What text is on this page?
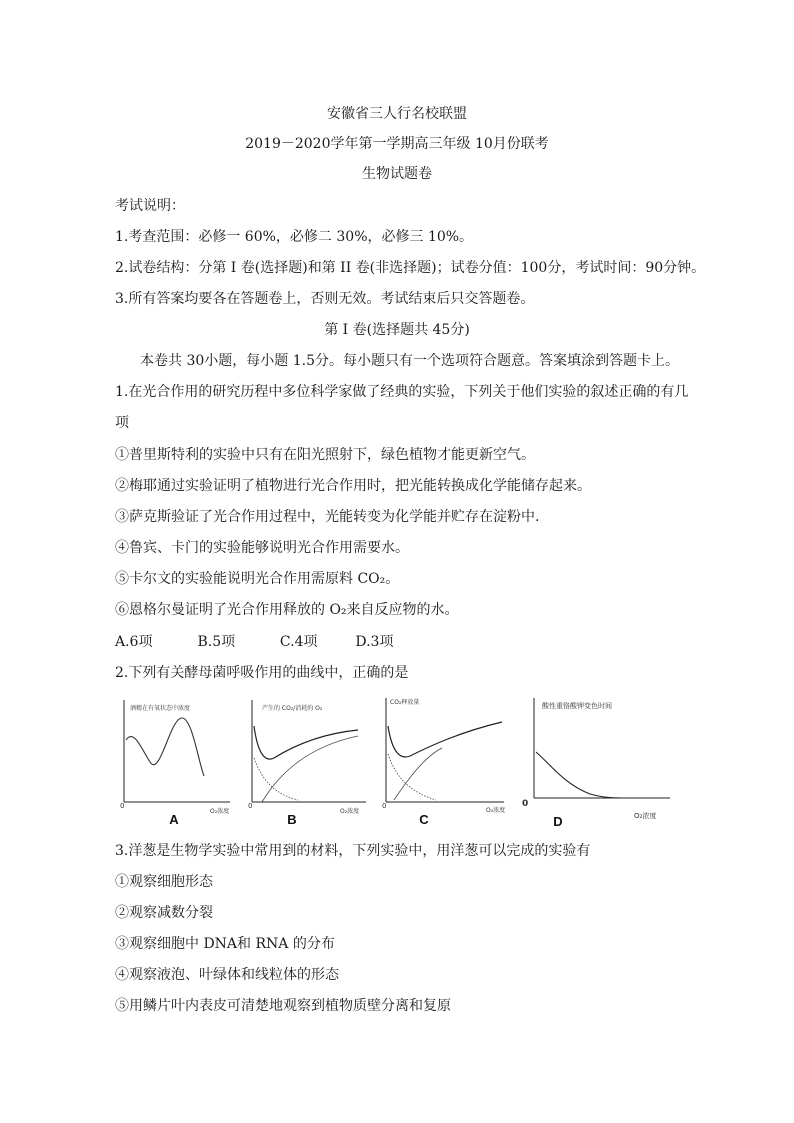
安徽省三人行名校联盟
2019－2020学年第一学期高三年级 10月份联考
生物试题卷
考试说明：
1.考查范围：必修一 60%，必修二 30%，必修三 10%。
2.试卷结构：分第 I 卷(选择题)和第 II 卷(非选择题)；试卷分值：100分，考试时间：90分钟。
3.所有答案均要各在答题卷上，否则无效。考试结束后只交答题卷。
第 I 卷(选择题共 45分)
本卷共 30小题，每小题 1.5分。每小题只有一个选项符合题意。答案填涂到答题卡上。
1.在光合作用的研究历程中多位科学家做了经典的实验，下列关于他们实验的叙述正确的有几
项
①普里斯特利的实验中只有在阳光照射下，绿色植物才能更新空气。
②梅耶通过实验证明了植物进行光合作用时，把光能转换成化学能储存起来。
③萨克斯验证了光合作用过程中，光能转变为化学能并贮存在淀粉中.
④鲁宾、卡门的实验能够说明光合作用需要水。
⑤卡尔文的实验能说明光合作用需原料 CO₂。
⑥恩格尔曼证明了光合作用释放的 O₂来自反应物的水。
A.6项	B.5项	C.4项	D.3项
2.下列有关酵母菌呼吸作用的曲线中，正确的是
酒精在有氧状态中浓度
0
O₂浓度
A
产生的 CO₂/消耗的 O₂
0
O₂浓度
B
CO₂释放量
0
O₂浓度
C
酸性重铬酸钾变色时间
0
O₂浓度
D
3.洋葱是生物学实验中常用到的材料，下列实验中，用洋葱可以完成的实验有
①观察细胞形态
②观察减数分裂
③观察细胞中 DNA和 RNA 的分布
④观察液泡、叶绿体和线粒体的形态
⑤用鳞片叶内表皮可清楚地观察到植物质壁分离和复原
